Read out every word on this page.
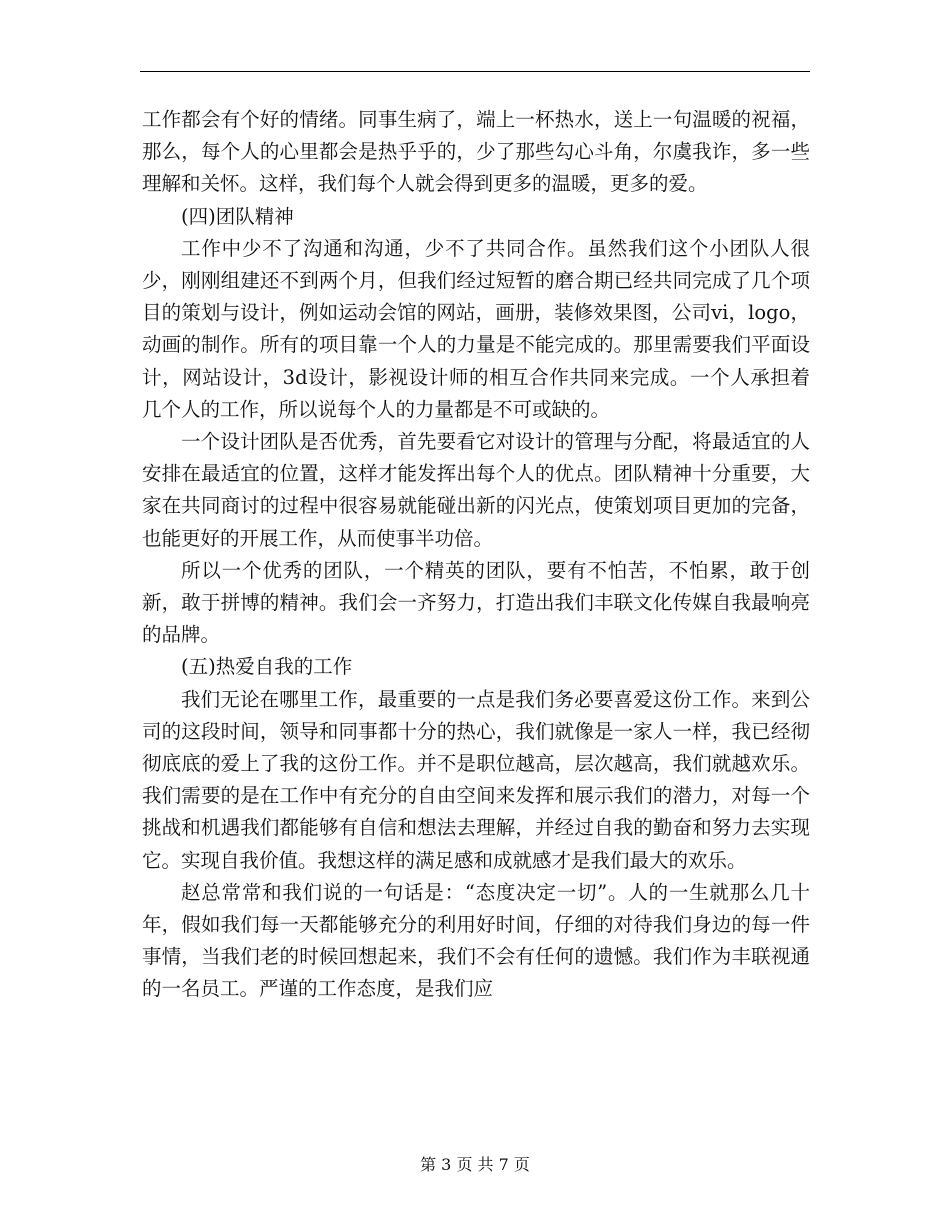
工作都会有个好的情绪。同事生病了，端上一杯热水，送上一句温暖的祝福，那么，每个人的心里都会是热乎乎的，少了那些勾心斗角，尔虞我诈，多一些理解和关怀。这样，我们每个人就会得到更多的温暖，更多的爱。

(四)团队精神

工作中少不了沟通和沟通，少不了共同合作。虽然我们这个小团队人很少，刚刚组建还不到两个月，但我们经过短暂的磨合期已经共同完成了几个项目的策划与设计，例如运动会馆的网站，画册，装修效果图，公司vi，logo，动画的制作。所有的项目靠一个人的力量是不能完成的。那里需要我们平面设计，网站设计，3d设计，影视设计师的相互合作共同来完成。一个人承担着几个人的工作，所以说每个人的力量都是不可或缺的。

一个设计团队是否优秀，首先要看它对设计的管理与分配，将最适宜的人安排在最适宜的位置，这样才能发挥出每个人的优点。团队精神十分重要，大家在共同商讨的过程中很容易就能碰出新的闪光点，使策划项目更加的完备，也能更好的开展工作，从而使事半功倍。

所以一个优秀的团队，一个精英的团队，要有不怕苦，不怕累，敢于创新，敢于拼博的精神。我们会一齐努力，打造出我们丰联文化传媒自我最响亮的品牌。

(五)热爱自我的工作

我们无论在哪里工作，最重要的一点是我们务必要喜爱这份工作。来到公司的这段时间，领导和同事都十分的热心，我们就像是一家人一样，我已经彻彻底底的爱上了我的这份工作。并不是职位越高，层次越高，我们就越欢乐。我们需要的是在工作中有充分的自由空间来发挥和展示我们的潜力，对每一个挑战和机遇我们都能够有自信和想法去理解，并经过自我的勤奋和努力去实现它。实现自我价值。我想这样的满足感和成就感才是我们最大的欢乐。

赵总常常和我们说的一句话是：“态度决定一切”。人的一生就那么几十年，假如我们每一天都能够充分的利用好时间，仔细的对待我们身边的每一件事情，当我们老的时候回想起来，我们不会有任何的遗憾。我们作为丰联视通的一名员工。严谨的工作态度，是我们应

第 3 页 共 7 页
